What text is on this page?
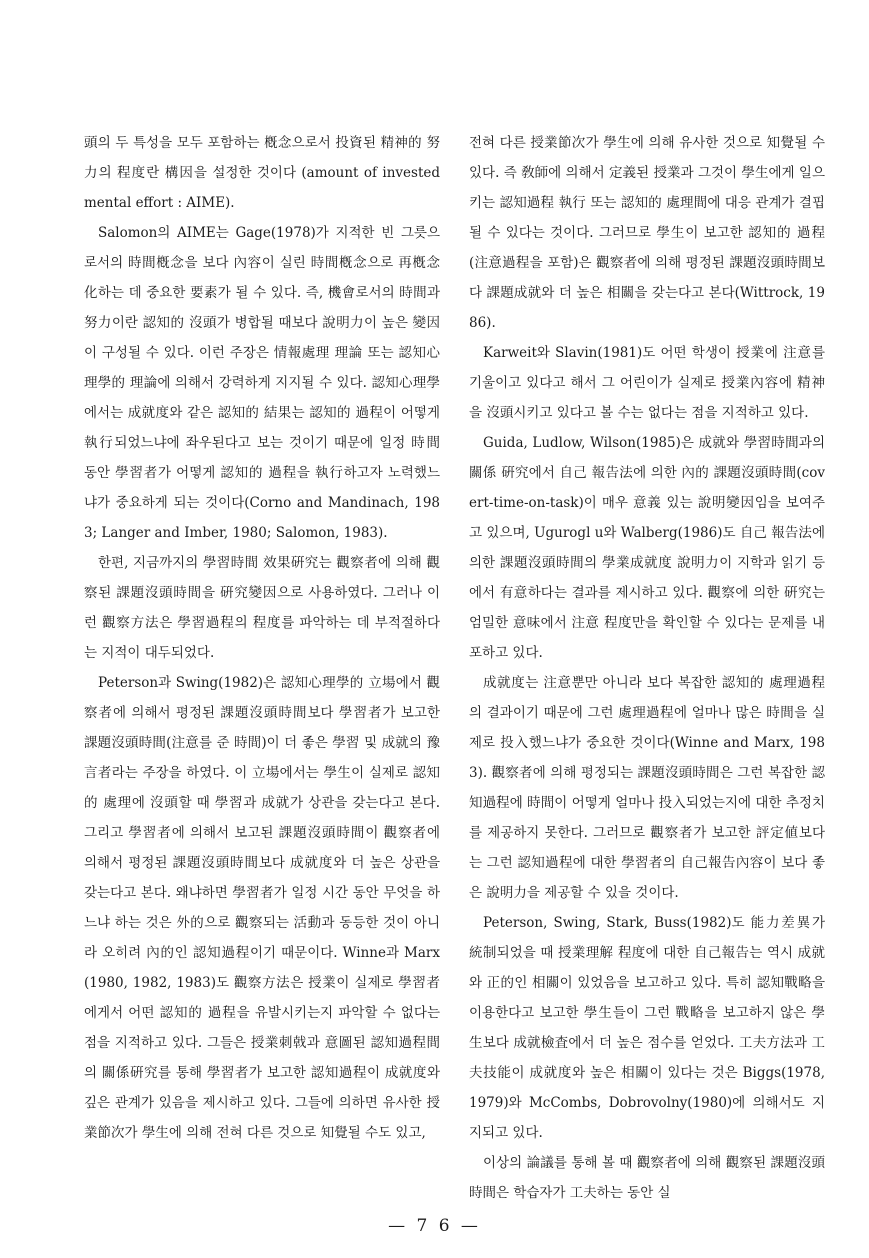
頭의 두 특성을 모두 포함하는 槪念으로서 投資된 精神的 努力의 程度란 構因을 설정한 것이다 (amount of invested mental effort : AIME).

Salomon의 AIME는 Gage(1978)가 지적한 빈 그릇으로서의 時間槪念을 보다 內容이 실린 時間槪念으로 再槪念化하는 데 중요한 要素가 될 수 있다. 즉, 機會로서의 時間과 努力이란 認知的 沒頭가 병합될 때보다 說明力이 높은 變因이 구성될 수 있다. 이런 주장은 情報處理 理論 또는 認知心理學的 理論에 의해서 강력하게 지지될 수 있다. 認知心理學에서는 成就度와 같은 認知的 結果는 認知的 過程이 어떻게 執行되었느냐에 좌우된다고 보는 것이기 때문에 일정 時間 동안 學習者가 어떻게 認知的 過程을 執行하고자 노력했느냐가 중요하게 되는 것이다(Corno and Mandinach, 1983; Langer and Imber, 1980; Salomon, 1983).

한편, 지금까지의 學習時間 效果硏究는 觀察者에 의해 觀察된 課題沒頭時間을 硏究變因으로 사용하였다. 그러나 이런 觀察方法은 學習過程의 程度를 파악하는 데 부적절하다는 지적이 대두되었다.

Peterson과 Swing(1982)은 認知心理學的 立場에서 觀察者에 의해서 평정된 課題沒頭時間보다 學習者가 보고한 課題沒頭時間(注意를 준 時間)이 더 좋은 學習 및 成就의 豫言者라는 주장을 하였다. 이 立場에서는 學生이 실제로 認知的 處理에 沒頭할 때 學習과 成就가 상관을 갖는다고 본다. 그리고 學習者에 의해서 보고된 課題沒頭時間이 觀察者에 의해서 평정된 課題沒頭時間보다 成就度와 더 높은 상관을 갖는다고 본다. 왜냐하면 學習者가 일정 시간 동안 무엇을 하느냐 하는 것은 外的으로 觀察되는 活動과 동등한 것이 아니라 오히려 內的인 認知過程이기 때문이다. Winne과 Marx(1980, 1982, 1983)도 觀察方法은 授業이 실제로 學習者에게서 어떤 認知的 過程을 유발시키는지 파악할 수 없다는 점을 지적하고 있다. 그들은 授業刺戟과 意圖된 認知過程間의 關係硏究를 통해 學習者가 보고한 認知過程이 成就度와 깊은 관계가 있음을 제시하고 있다. 그들에 의하면 유사한 授業節次가 學生에 의해 전혀 다른 것으로 知覺될 수도 있고,

전혀 다른 授業節次가 學生에 의해 유사한 것으로 知覺될 수 있다. 즉 敎師에 의해서 定義된 授業과 그것이 學生에게 일으키는 認知過程 執行 또는 認知的 處理間에 대응 관계가 결핍될 수 있다는 것이다. 그러므로 學生이 보고한 認知的 過程(注意過程을 포함)은 觀察者에 의해 평정된 課題沒頭時間보다 課題成就와 더 높은 相關을 갖는다고 본다(Wittrock, 1986).

Karweit와 Slavin(1981)도 어떤 학생이 授業에 注意를 기울이고 있다고 해서 그 어린이가 실제로 授業內容에 精神을 沒頭시키고 있다고 볼 수는 없다는 점을 지적하고 있다.

Guida, Ludlow, Wilson(1985)은 成就와 學習時間과의 關係 硏究에서 自己 報告法에 의한 內的 課題沒頭時間(covert-time-on-task)이 매우 意義 있는 說明變因임을 보여주고 있으며, Ugurogl u와 Walberg(1986)도 自己 報告法에 의한 課題沒頭時間의 學業成就度 說明力이 지학과 읽기 등에서 有意하다는 결과를 제시하고 있다. 觀察에 의한 硏究는 엄밀한 意味에서 注意 程度만을 확인할 수 있다는 문제를 내포하고 있다.

成就度는 注意뿐만 아니라 보다 복잡한 認知的 處理過程의 결과이기 때문에 그런 處理過程에 얼마나 많은 時間을 실제로 投入했느냐가 중요한 것이다(Winne and Marx, 1983). 觀察者에 의해 평정되는 課題沒頭時間은 그런 복잡한 認知過程에 時間이 어떻게 얼마나 投入되었는지에 대한 추정치를 제공하지 못한다. 그러므로 觀察者가 보고한 評定値보다는 그런 認知過程에 대한 學習者의 自己報告內容이 보다 좋은 說明力을 제공할 수 있을 것이다.

Peterson, Swing, Stark, Buss(1982)도 能力差異가 統制되었을 때 授業理解 程度에 대한 自己報告는 역시 成就와 正的인 相關이 있었음을 보고하고 있다. 특히 認知戰略을 이용한다고 보고한 學生들이 그런 戰略을 보고하지 않은 學生보다 成就檢査에서 더 높은 점수를 얻었다. 工夫方法과 工夫技能이 成就度와 높은 相關이 있다는 것은 Biggs(1978, 1979)와 McCombs, Dobrovolny(1980)에 의해서도 지지되고 있다.

이상의 論議를 통해 볼 때 觀察者에 의해 觀察된 課題沒頭時間은 학습자가 工夫하는 동안 실

— 7 6 —
